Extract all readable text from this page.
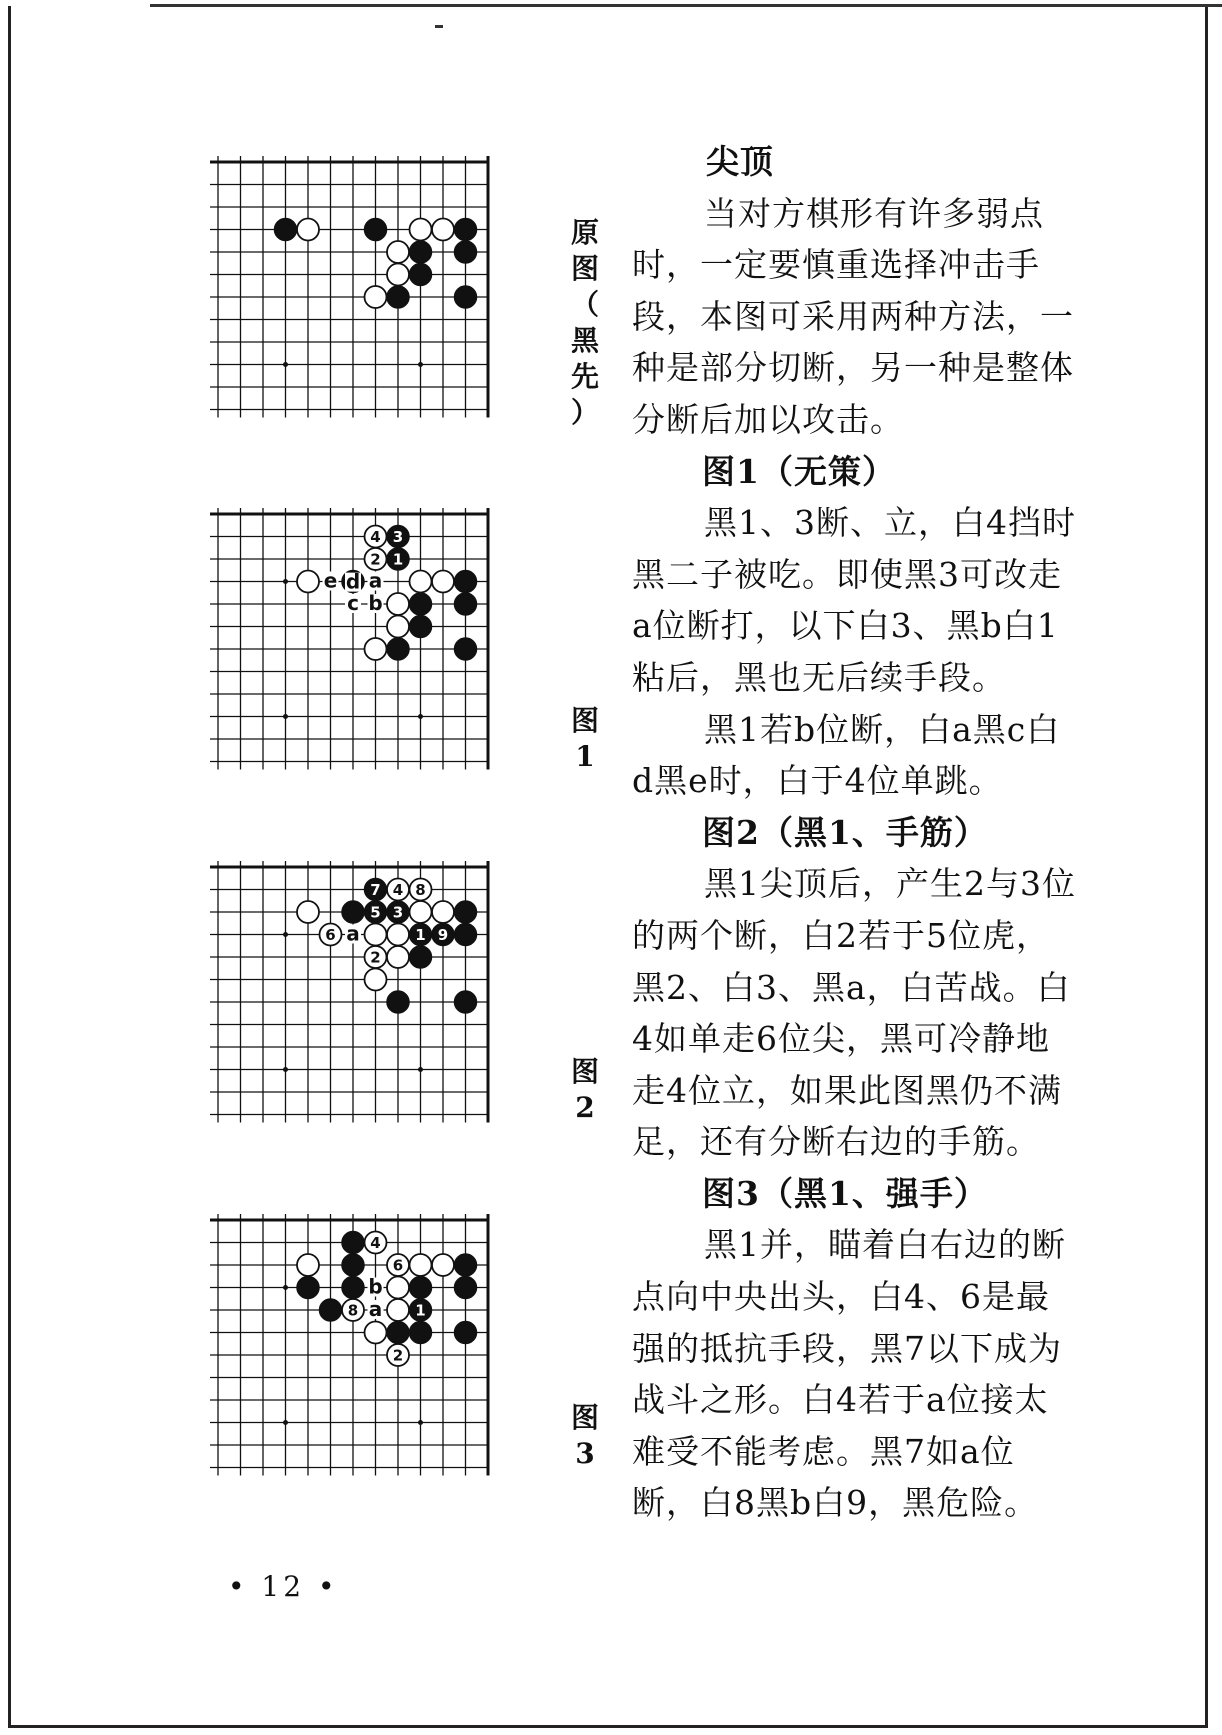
原
图
（
黑
先
）
3
1
4
2
e d a
c b
图
1
7
5 3
1 9
4 8
6
2
a
图
2
1
4
6
8
2
b
a
图
3

尖顶

当对方棋形有许多弱点时，一定要慎重选择冲击手段，本图可采用两种方法，一种是部分切断，另一种是整体分断后加以攻击。

图1（无策）

黑1、3断、立，白4挡时黑二子被吃。即使黑3可改走a位断打，以下白3、黑b白1粘后，黑也无后续手段。

黑1若b位断，白a黑c白d黑e时，白于4位单跳。

图2（黑1、手筋）

黑1尖顶后，产生2与3位的两个断，白2若于5位虎，黑2、白3、黑a，白苦战。白4如单走6位尖，黑可冷静地走4位立，如果此图黑仍不满足，还有分断右边的手筋。

图3（黑1、强手）

黑1并，瞄着白右边的断点向中央出头，白4、6是最强的抵抗手段，黑7以下成为战斗之形。白4若于a位接太难受不能考虑。黑7如a位断，白8黑b白9，黑危险。

• 12 •
